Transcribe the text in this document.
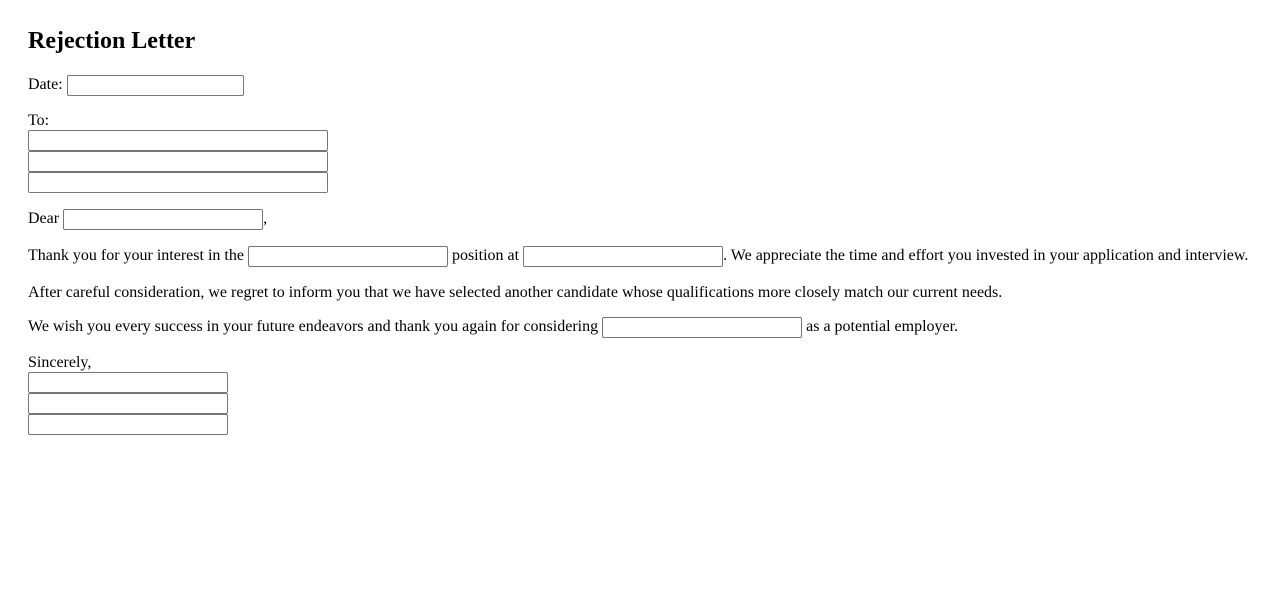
Rejection Letter
Date:
To:
Dear	,
Thank you for your interest in the	position at	. We appreciate the time and effort you invested in your application and interview.
After careful consideration, we regret to inform you that we have selected another candidate whose qualifications more closely match our current needs.
We wish you every success in your future endeavors and thank you again for considering	as a potential employer.
Sincerely,
